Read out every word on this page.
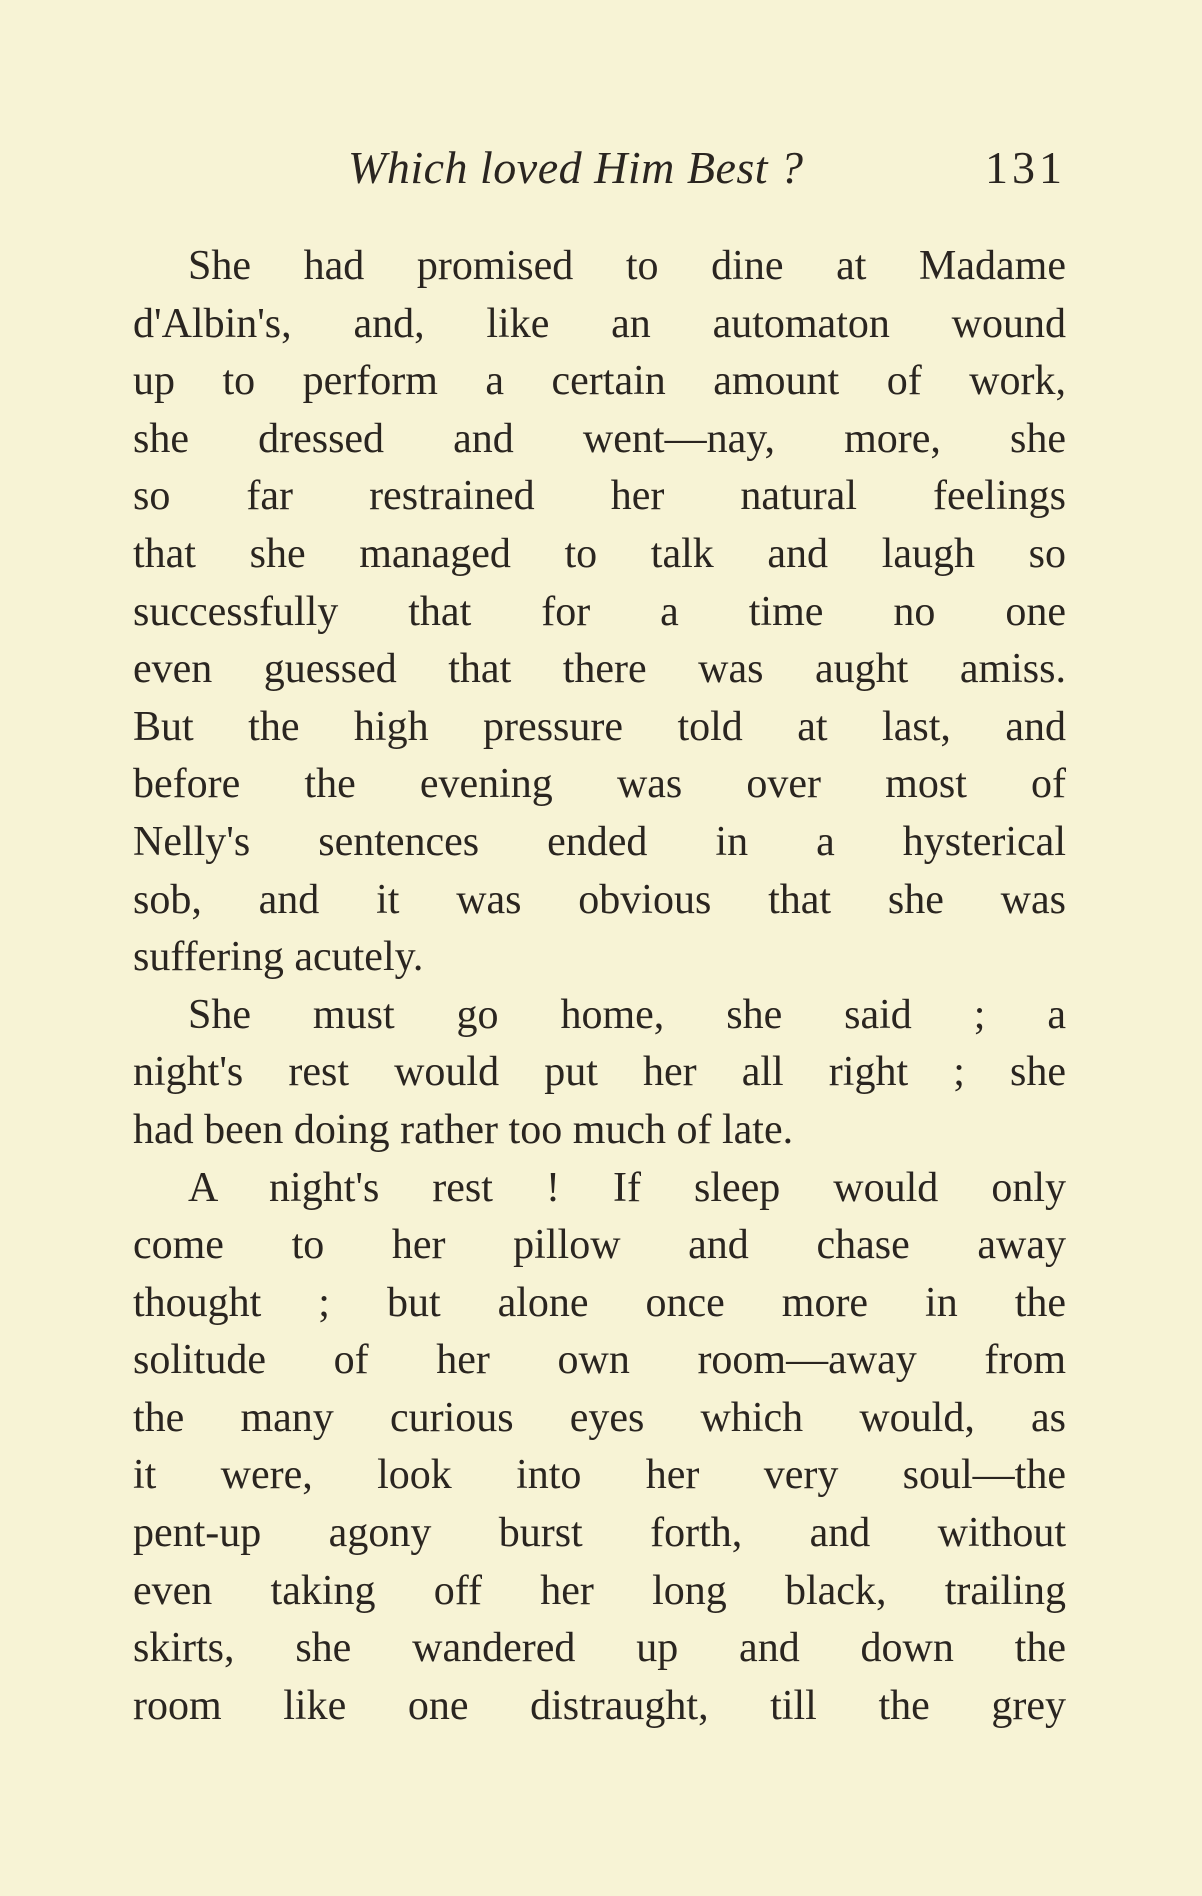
Which loved Him Best ?	131
She had promised to dine at Madame
d'Albin's, and, like an automaton wound
up to perform a certain amount of work,
she dressed and went—nay, more, she
so far restrained her natural feelings
that she managed to talk and laugh so
successfully that for a time no one
even guessed that there was aught amiss.
But the high pressure told at last, and
before the evening was over most of
Nelly's sentences ended in a hysterical
sob, and it was obvious that she was
suffering acutely.
She must go home, she said ; a
night's rest would put her all right ; she
had been doing rather too much of late.
A night's rest ! If sleep would only
come to her pillow and chase away
thought ; but alone once more in the
solitude of her own room—away from
the many curious eyes which would, as
it were, look into her very soul—the
pent-up agony burst forth, and without
even taking off her long black, trailing
skirts, she wandered up and down the
room like one distraught, till the grey
